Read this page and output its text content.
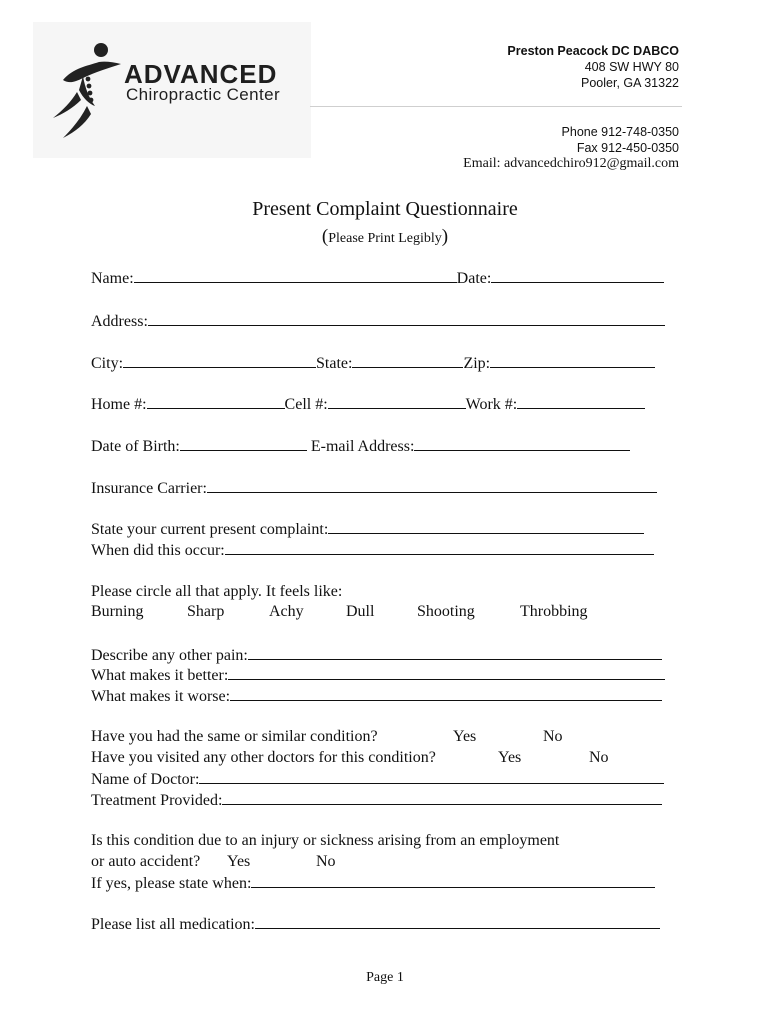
ADVANCED
Chiropractic Center
Preston Peacock DC DABCO
408 SW HWY 80
Pooler, GA 31322
Phone 912-748-0350
Fax 912-450-0350
Email: advancedchiro912@gmail.com
Present Complaint Questionnaire
(Please Print Legibly)
Name:	Date:
Address:
City:	State:	Zip:
Home #:	Cell #:	Work #:
Date of Birth:	E-mail Address:
Insurance Carrier:
State your current present complaint:
When did this occur:
Please circle all that apply. It feels like:
Burning	Sharp	Achy	Dull	Shooting	Throbbing
Describe any other pain:
What makes it better:
What makes it worse:
Have you had the same or similar condition?	Yes	No
Have you visited any other doctors for this condition?	Yes	No
Name of Doctor:
Treatment Provided:
Is this condition due to an injury or sickness arising from an employment
or auto accident? Yes	No
If yes, please state when:
Please list all medication:
Page 1
